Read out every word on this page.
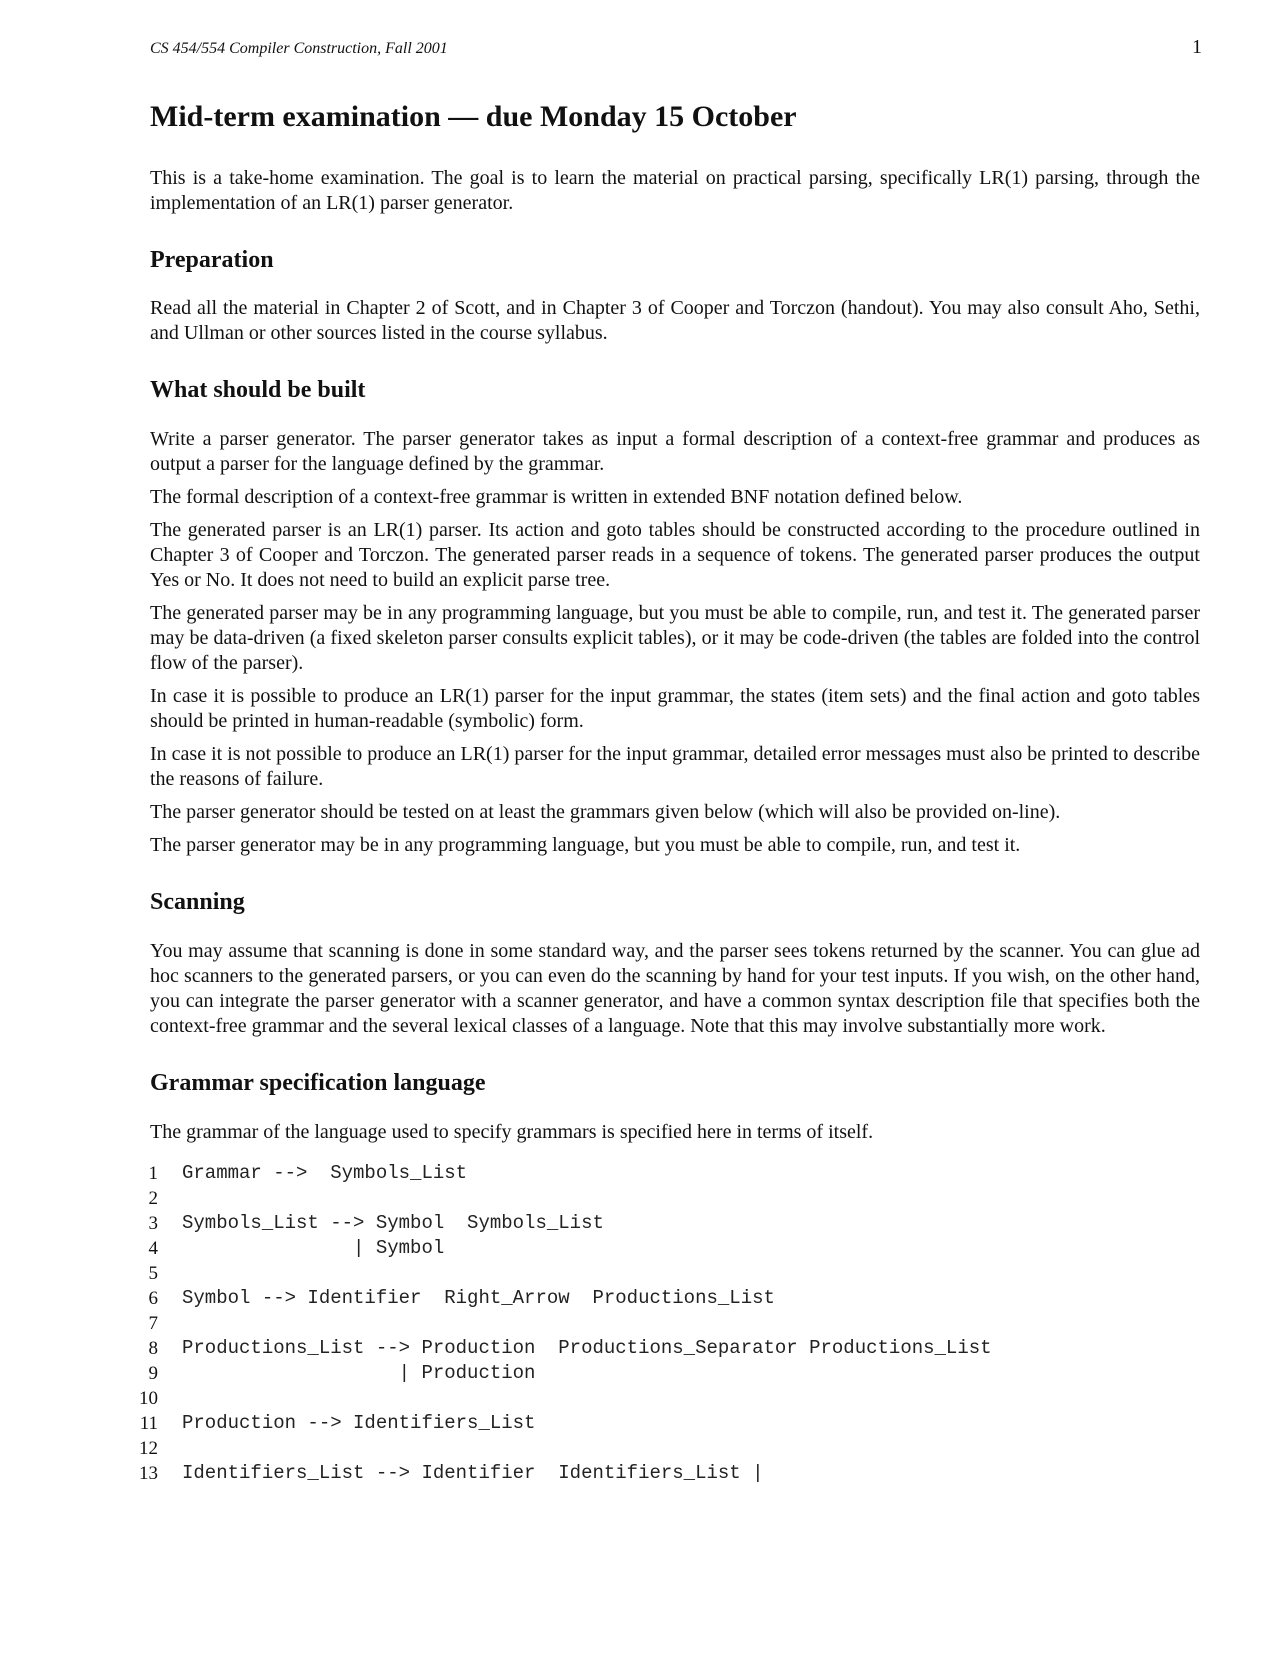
CS 454/554 Compiler Construction, Fall 2001	1
Mid-term examination — due Monday 15 October

This is a take-home examination. The goal is to learn the material on practical parsing, specifically LR(1) parsing, through the implementation of an LR(1) parser generator.

Preparation

Read all the material in Chapter 2 of Scott, and in Chapter 3 of Cooper and Torczon (handout). You may also consult Aho, Sethi, and Ullman or other sources listed in the course syllabus.

What should be built

Write a parser generator. The parser generator takes as input a formal description of a context-free grammar and produces as output a parser for the language defined by the grammar.

The formal description of a context-free grammar is written in extended BNF notation defined below.

The generated parser is an LR(1) parser. Its action and goto tables should be constructed according to the procedure outlined in Chapter 3 of Cooper and Torczon. The generated parser reads in a sequence of tokens. The generated parser produces the output Yes or No. It does not need to build an explicit parse tree.

The generated parser may be in any programming language, but you must be able to compile, run, and test it. The generated parser may be data-driven (a fixed skeleton parser consults explicit tables), or it may be code-driven (the tables are folded into the control flow of the parser).

In case it is possible to produce an LR(1) parser for the input grammar, the states (item sets) and the final action and goto tables should be printed in human-readable (symbolic) form.

In case it is not possible to produce an LR(1) parser for the input grammar, detailed error messages must also be printed to describe the reasons of failure.

The parser generator should be tested on at least the grammars given below (which will also be provided on-line).

The parser generator may be in any programming language, but you must be able to compile, run, and test it.

Scanning

You may assume that scanning is done in some standard way, and the parser sees tokens returned by the scanner. You can glue ad hoc scanners to the generated parsers, or you can even do the scanning by hand for your test inputs. If you wish, on the other hand, you can integrate the parser generator with a scanner generator, and have a common syntax description file that specifies both the context-free grammar and the several lexical classes of a language. Note that this may involve substantially more work.

Grammar specification language

The grammar of the language used to specify grammars is specified here in terms of itself.

1 Grammar -->  Symbols_List
2
3 Symbols_List --> Symbol  Symbols_List
4 | Symbol
5
6 Symbol --> Identifier  Right_Arrow  Productions_List
7
8 Productions_List --> Production  Productions_Separator Productions_List
9 | Production
10
11 Production --> Identifiers_List
12
13 Identifiers_List --> Identifier  Identifiers_List |
